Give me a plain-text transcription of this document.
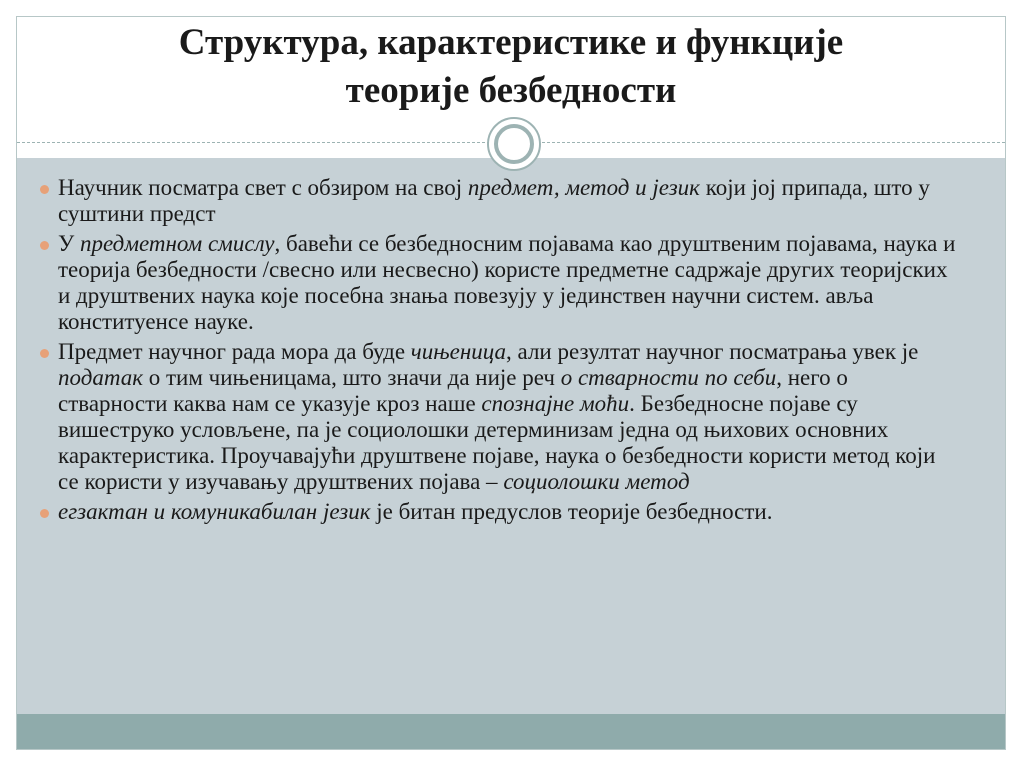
Структура, карактеристике и функције
теорије безбедности
Научник посматра свет с обзиром на свој предмет, метод и језик који јој припада, што у суштини предст
У предметном смислу, бавећи се безбедносним појавама као друштвеним појавама, наука и теорија безбедности /свесно или несвесно) користе предметне садржаје других теоријских и друштвених наука које посебна знања повезују у јединствен научни систем. авља конституенсе науке.
Предмет научног рада мора да буде чињеница, али резултат научног посматрања увек је податак о тим чињеницама, што значи да није реч о стварности по себи, него о стварности каква нам се указује кроз наше спознајне моћи. Безбедносне појаве су вишеструко условљене, па је социолошки детерминизам једна од њихових основних карактеристика. Проучавајући друштвене појаве, наука о безбедности користи метод који се користи у изучавању друштвених појава – социолошки метод
егзактан и комуникабилан језик је битан предуслов теорије безбедности.
